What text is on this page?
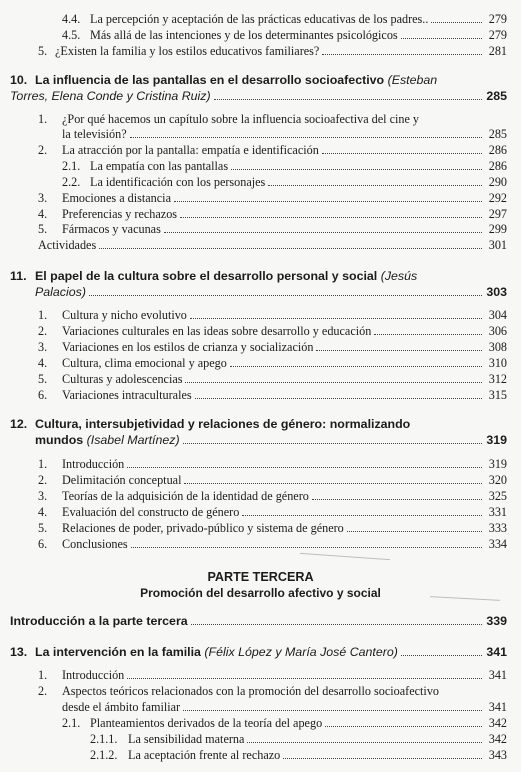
4.4. La percepción y aceptación de las prácticas educativas de los padres..	279
4.5. Más allá de las intenciones y de los determinantes psicológicos	279
5. ¿Existen la familia y los estilos educativos familiares?	281
10. La influencia de las pantallas en el desarrollo socioafectivo (Esteban
Torres, Elena Conde y Cristina Ruiz)	285
1. ¿Por qué hacemos un capítulo sobre la influencia socioafectiva del cine y
la televisión?	285
2. La atracción por la pantalla: empatía e identificación	286
2.1. La empatía con las pantallas	286
2.2. La identificación con los personajes	290
3. Emociones a distancia	292
4. Preferencias y rechazos	297
5. Fármacos y vacunas	299
Actividades	301
11. El papel de la cultura sobre el desarrollo personal y social (Jesús
Palacios)	303
1. Cultura y nicho evolutivo	304
2. Variaciones culturales en las ideas sobre desarrollo y educación	306
3. Variaciones en los estilos de crianza y socialización	308
4. Cultura, clima emocional y apego	310
5. Culturas y adolescencias	312
6. Variaciones intraculturales	315
12. Cultura, intersubjetividad y relaciones de género: normalizando
mundos (Isabel Martínez)	319
1. Introducción	319
2. Delimitación conceptual	320
3. Teorías de la adquisición de la identidad de género	325
4. Evaluación del constructo de género	331
5. Relaciones de poder, privado-público y sistema de género	333
6. Conclusiones	334
PARTE TERCERA
Promoción del desarrollo afectivo y social
Introducción a la parte tercera	339
13. La intervención en la familia (Félix López y María José Cantero)	341
1. Introducción	341
2. Aspectos teóricos relacionados con la promoción del desarrollo socioafectivo
desde el ámbito familiar	341
2.1. Planteamientos derivados de la teoría del apego	342
2.1.1. La sensibilidad materna	342
2.1.2. La aceptación frente al rechazo	343
